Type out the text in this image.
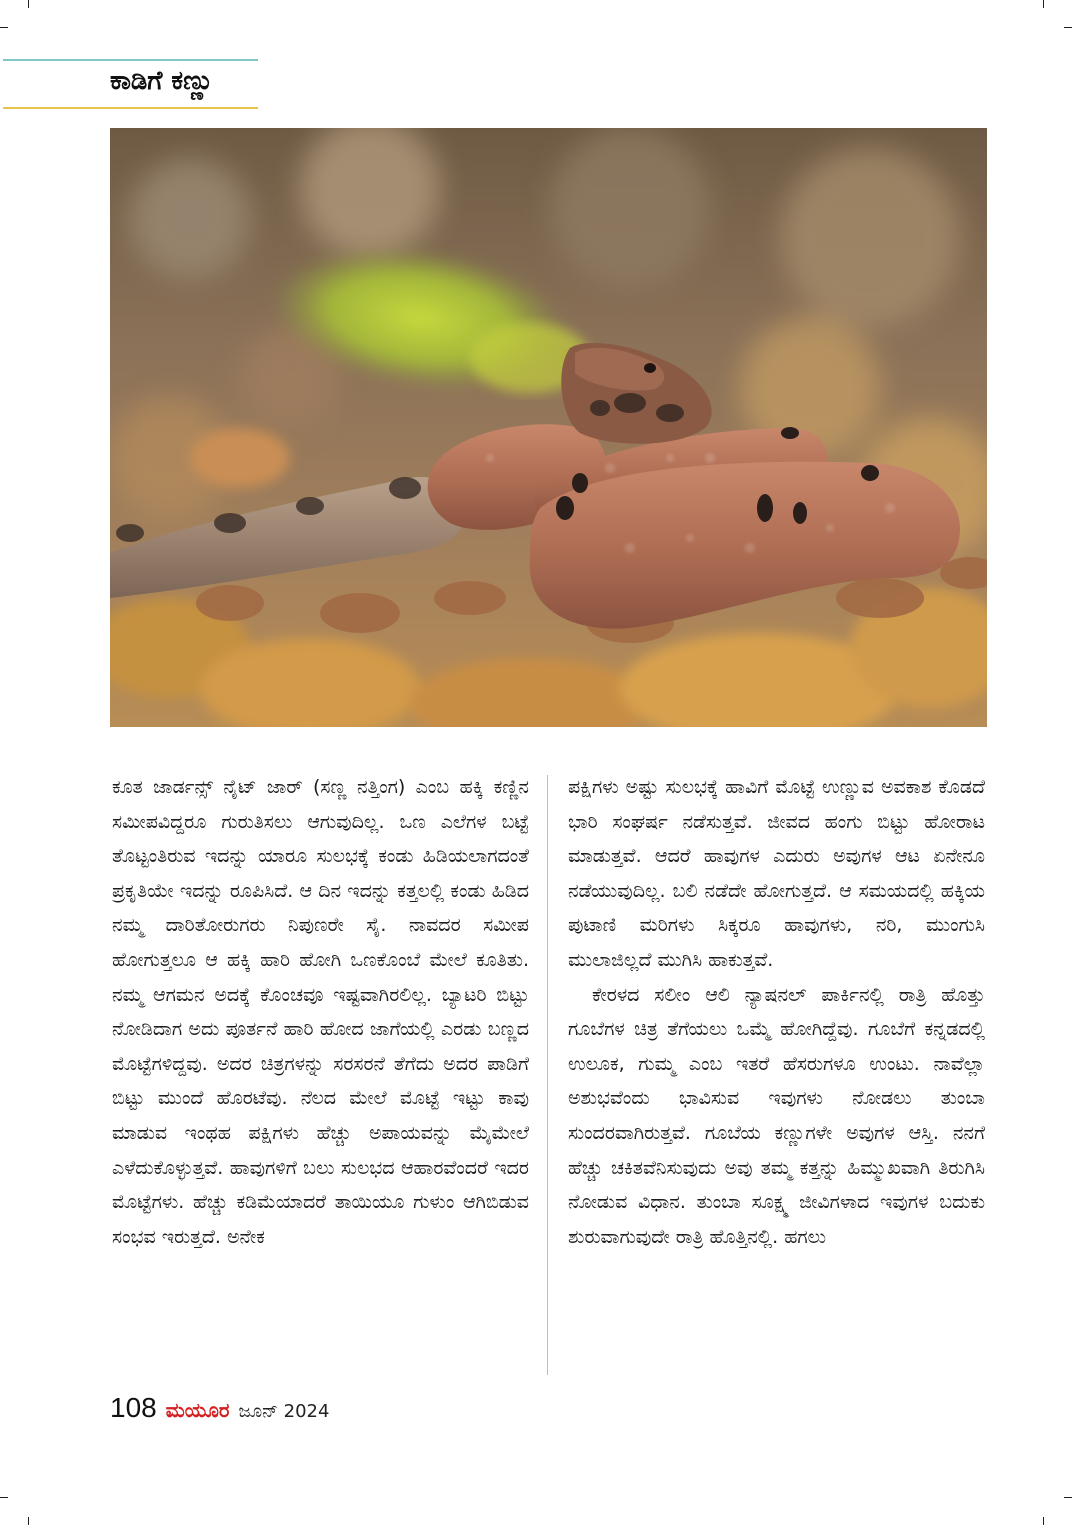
ಕಾಡಿಗೆ ಕಣ್ಣು

ಕೂತ ಜಾರ್ಡನ್ಸ್ ನೈಟ್ ಜಾರ್ (ಸಣ್ಣ ನತ್ತಿಂಗ) ಎಂಬ ಹಕ್ಕಿ ಕಣ್ಣಿನ ಸಮೀಪವಿದ್ದರೂ ಗುರುತಿಸಲು ಆಗುವುದಿಲ್ಲ. ಒಣ ಎಲೆಗಳ ಬಟ್ಟೆ ತೊಟ್ಟಂತಿರುವ ಇದನ್ನು ಯಾರೂ ಸುಲಭಕ್ಕೆ ಕಂಡು ಹಿಡಿಯಲಾಗದಂತೆ ಪ್ರಕೃತಿಯೇ ಇದನ್ನು ರೂಪಿಸಿದೆ. ಆ ದಿನ ಇದನ್ನು ಕತ್ತಲಲ್ಲಿ ಕಂಡು ಹಿಡಿದ ನಮ್ಮ ದಾರಿತೋರುಗರು ನಿಪುಣರೇ ಸೈ. ನಾವದರ ಸಮೀಪ ಹೋಗುತ್ತಲೂ ಆ ಹಕ್ಕಿ ಹಾರಿ ಹೋಗಿ ಒಣಕೊಂಬೆ ಮೇಲೆ ಕೂತಿತು. ನಮ್ಮ ಆಗಮನ ಅದಕ್ಕೆ ಕೊಂಚವೂ ಇಷ್ಟವಾಗಿರಲಿಲ್ಲ. ಬ್ಯಾಟರಿ ಬಿಟ್ಟು ನೋಡಿದಾಗ ಅದು ಪೂರ್ತನೆ ಹಾರಿ ಹೋದ ಜಾಗೆಯಲ್ಲಿ ಎರಡು ಬಣ್ಣದ ಮೊಟ್ಟೆಗಳಿದ್ದವು. ಅದರ ಚಿತ್ರಗಳನ್ನು ಸರಸರನೆ ತೆಗೆದು ಅದರ ಪಾಡಿಗೆ ಬಿಟ್ಟು ಮುಂದೆ ಹೊರಟೆವು. ನೆಲದ ಮೇಲೆ ಮೊಟ್ಟೆ ಇಟ್ಟು ಕಾವು ಮಾಡುವ ಇಂಥಹ ಪಕ್ಷಿಗಳು ಹೆಚ್ಚು ಅಪಾಯವನ್ನು ಮೈಮೇಲೆ ಎಳೆದುಕೊಳ್ಳುತ್ತವೆ. ಹಾವುಗಳಿಗೆ ಬಲು ಸುಲಭದ ಆಹಾರವೆಂದರೆ ಇದರ ಮೊಟ್ಟೆಗಳು. ಹೆಚ್ಚು ಕಡಿಮೆಯಾದರೆ ತಾಯಿಯೂ ಗುಳುಂ ಆಗಿಬಿಡುವ ಸಂಭವ ಇರುತ್ತದೆ. ಅನೇಕ

ಪಕ್ಷಿಗಳು ಅಷ್ಟು ಸುಲಭಕ್ಕೆ ಹಾವಿಗೆ ಮೊಟ್ಟೆ ಉಣ್ಣುವ ಅವಕಾಶ ಕೊಡದೆ ಭಾರಿ ಸಂಘರ್ಷ ನಡೆಸುತ್ತವೆ. ಜೀವದ ಹಂಗು ಬಿಟ್ಟು ಹೋರಾಟ ಮಾಡುತ್ತವೆ. ಆದರೆ ಹಾವುಗಳ ಎದುರು ಅವುಗಳ ಆಟ ಏನೇನೂ ನಡೆಯುವುದಿಲ್ಲ. ಬಲಿ ನಡೆದೇ ಹೋಗುತ್ತದೆ. ಆ ಸಮಯದಲ್ಲಿ ಹಕ್ಕಿಯ ಪುಟಾಣಿ ಮರಿಗಳು ಸಿಕ್ಕರೂ ಹಾವುಗಳು, ನರಿ, ಮುಂಗುಸಿ ಮುಲಾಜಿಲ್ಲದೆ ಮುಗಿಸಿ ಹಾಕುತ್ತವೆ.

ಕೇರಳದ ಸಲೀಂ ಆಲಿ ನ್ಯಾಷನಲ್ ಪಾರ್ಕಿನಲ್ಲಿ ರಾತ್ರಿ ಹೊತ್ತು ಗೂಬೆಗಳ ಚಿತ್ರ ತೆಗೆಯಲು ಒಮ್ಮೆ ಹೋಗಿದ್ದೆವು. ಗೂಬೆಗೆ ಕನ್ನಡದಲ್ಲಿ ಉಲೂಕ, ಗುಮ್ಮ ಎಂಬ ಇತರೆ ಹೆಸರುಗಳೂ ಉಂಟು. ನಾವೆಲ್ಲಾ ಅಶುಭವೆಂದು ಭಾವಿಸುವ ಇವುಗಳು ನೋಡಲು ತುಂಬಾ ಸುಂದರವಾಗಿರುತ್ತವೆ. ಗೂಬೆಯ ಕಣ್ಣುಗಳೇ ಅವುಗಳ ಆಸ್ತಿ. ನನಗೆ ಹೆಚ್ಚು ಚಕಿತವೆನಿಸುವುದು ಅವು ತಮ್ಮ ಕತ್ತನ್ನು ಹಿಮ್ಮುಖವಾಗಿ ತಿರುಗಿಸಿ ನೋಡುವ ವಿಧಾನ. ತುಂಬಾ ಸೂಕ್ಷ್ಮ ಜೀವಿಗಳಾದ ಇವುಗಳ ಬದುಕು ಶುರುವಾಗುವುದೇ ರಾತ್ರಿ ಹೊತ್ತಿನಲ್ಲಿ. ಹಗಲು

108 ಮಯೂರ ಜೂನ್ 2024
